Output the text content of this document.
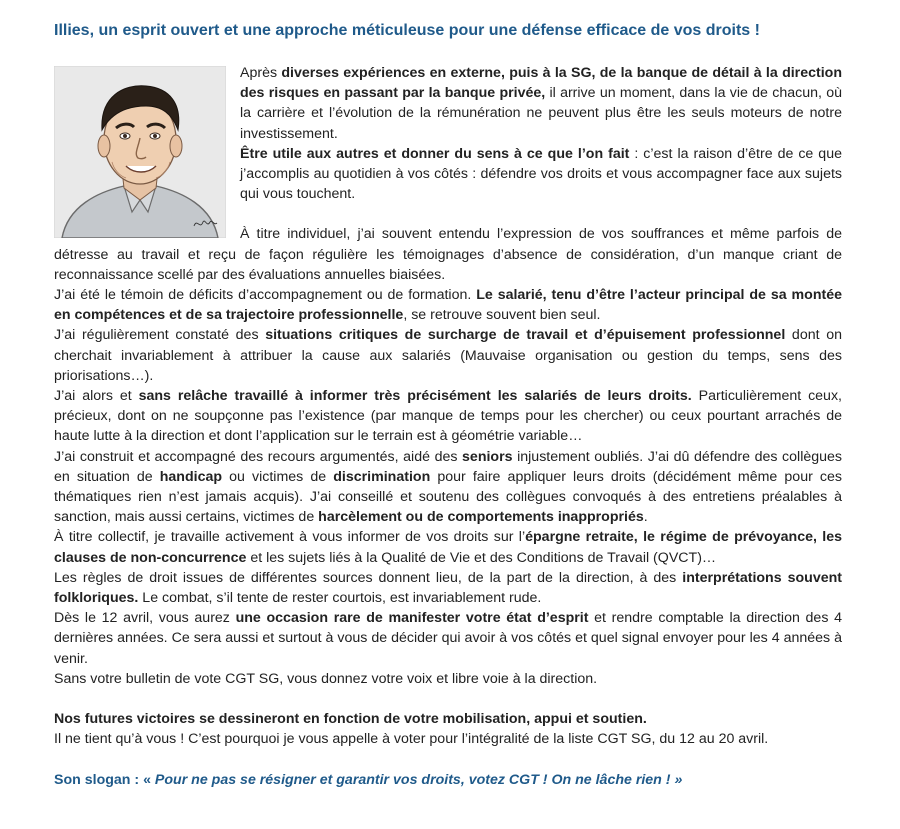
Illies, un esprit ouvert et une approche méticuleuse pour une défense efficace de vos droits !

Après diverses expériences en externe, puis à la SG, de la banque de détail à la direction des risques en passant par la banque privée, il arrive un moment, dans la vie de chacun, où la carrière et l’évolution de la rémunération ne peuvent plus être les seuls moteurs de notre investissement.

Être utile aux autres et donner du sens à ce que l’on fait : c’est la raison d’être de ce que j’accomplis au quotidien à vos côtés : défendre vos droits et vous accompagner face aux sujets qui vous touchent.

À titre individuel, j’ai souvent entendu l’expression de vos souffrances et même parfois de détresse au travail et reçu de façon régulière les témoignages d’absence de considération, d’un manque criant de reconnaissance scellé par des évaluations annuelles biaisées.

J’ai été le témoin de déficits d’accompagnement ou de formation. Le salarié, tenu d’être l’acteur principal de sa montée en compétences et de sa trajectoire professionnelle, se retrouve souvent bien seul.

J’ai régulièrement constaté des situations critiques de surcharge de travail et d’épuisement professionnel dont on cherchait invariablement à attribuer la cause aux salariés (Mauvaise organisation ou gestion du temps, sens des priorisations…).

J’ai alors et sans relâche travaillé à informer très précisément les salariés de leurs droits. Particulièrement ceux, précieux, dont on ne soupçonne pas l’existence (par manque de temps pour les chercher) ou ceux pourtant arrachés de haute lutte à la direction et dont l’application sur le terrain est à géométrie variable…

J’ai construit et accompagné des recours argumentés, aidé des seniors injustement oubliés. J’ai dû défendre des collègues en situation de handicap ou victimes de discrimination pour faire appliquer leurs droits (décidément même pour ces thématiques rien n’est jamais acquis). J’ai conseillé et soutenu des collègues convoqués à des entretiens préalables à sanction, mais aussi certains, victimes de harcèlement ou de comportements inappropriés.

À titre collectif, je travaille activement à vous informer de vos droits sur l’épargne retraite, le régime de prévoyance, les clauses de non-concurrence et les sujets liés à la Qualité de Vie et des Conditions de Travail (QVCT)…

Les règles de droit issues de différentes sources donnent lieu, de la part de la direction, à des interprétations souvent folkloriques. Le combat, s’il tente de rester courtois, est invariablement rude.

Dès le 12 avril, vous aurez une occasion rare de manifester votre état d’esprit et rendre comptable la direction des 4 dernières années. Ce sera aussi et surtout à vous de décider qui avoir à vos côtés et quel signal envoyer pour les 4 années à venir.

Sans votre bulletin de vote CGT SG, vous donnez votre voix et libre voie à la direction.

Nos futures victoires se dessineront en fonction de votre mobilisation, appui et soutien.

Il ne tient qu’à vous ! C’est pourquoi je vous appelle à voter pour l’intégralité de la liste CGT SG, du 12 au 20 avril.

Son slogan : « Pour ne pas se résigner et garantir vos droits, votez CGT ! On ne lâche rien ! »
